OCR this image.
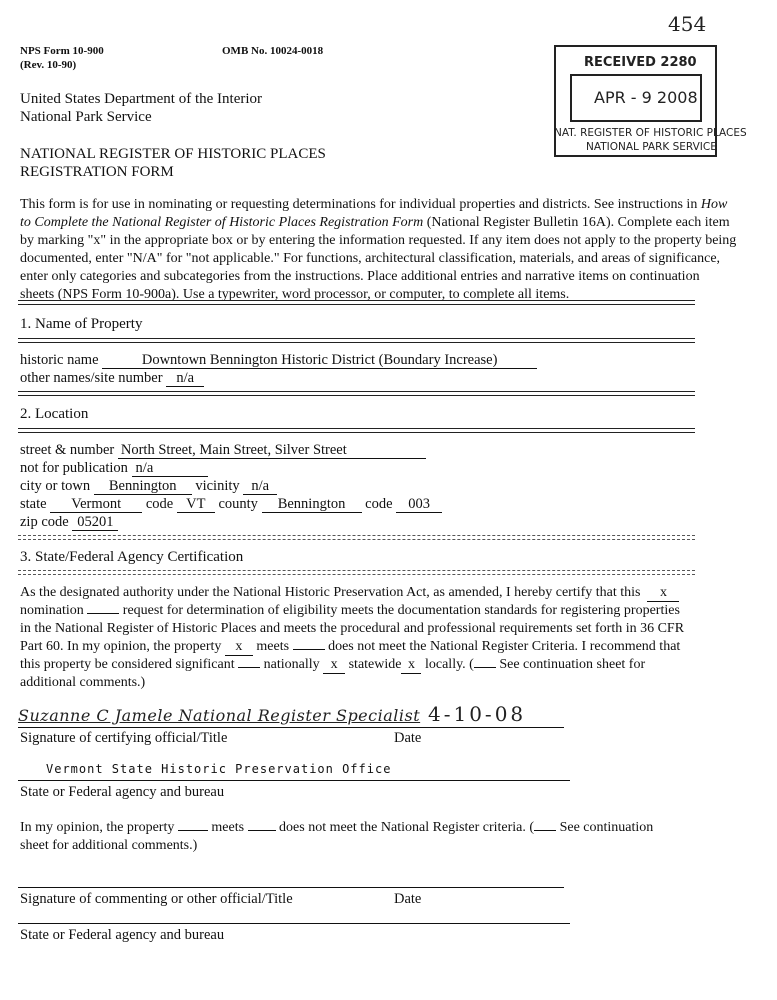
454
NPS Form 10-900
(Rev. 10-90)
OMB No. 10024-0018
United States Department of the Interior
National Park Service
NATIONAL REGISTER OF HISTORIC PLACES
REGISTRATION FORM
RECEIVED 2280
APR - 9 2008
NAT. REGISTER OF HISTORIC PLACES
NATIONAL PARK SERVICE
This form is for use in nominating or requesting determinations for individual properties and districts. See instructions in How
to Complete the National Register of Historic Places Registration Form (National Register Bulletin 16A). Complete each item
by marking "x" in the appropriate box or by entering the information requested. If any item does not apply to the property being
documented, enter "N/A" for "not applicable." For functions, architectural classification, materials, and areas of significance,
enter only categories and subcategories from the instructions. Place additional entries and narrative items on continuation
sheets (NPS Form 10-900a). Use a typewriter, word processor, or computer, to complete all items.
1. Name of Property
historic name	Downtown Bennington Historic District (Boundary Increase)
other names/site number n/a
2. Location
street & number North Street, Main Street, Silver Street
not for publication n/a
city or town Bennington vicinity n/a
state Vermont code VT county Bennington code 003
zip code 05201
3. State/Federal Agency Certification
As the designated authority under the National Historic Preservation Act, as amended, I hereby certify that this x
nomination	request for determination of eligibility meets the documentation standards for registering properties
in the National Register of Historic Places and meets the procedural and professional requirements set forth in 36 CFR
Part 60. In my opinion, the property x meets	does not meet the National Register Criteria. I recommend that
this property be considered significant nationally x statewide x locally. ( See continuation sheet for
additional comments.)
Suzanne C Jamele National Register Specialist 4-10-08
Signature of certifying official/Title	Date
Vermont State Historic Preservation Office
State or Federal agency and bureau
In my opinion, the property	meets	does not meet the National Register criteria. ( See continuation
sheet for additional comments.)
Signature of commenting or other official/Title	Date
State or Federal agency and bureau
